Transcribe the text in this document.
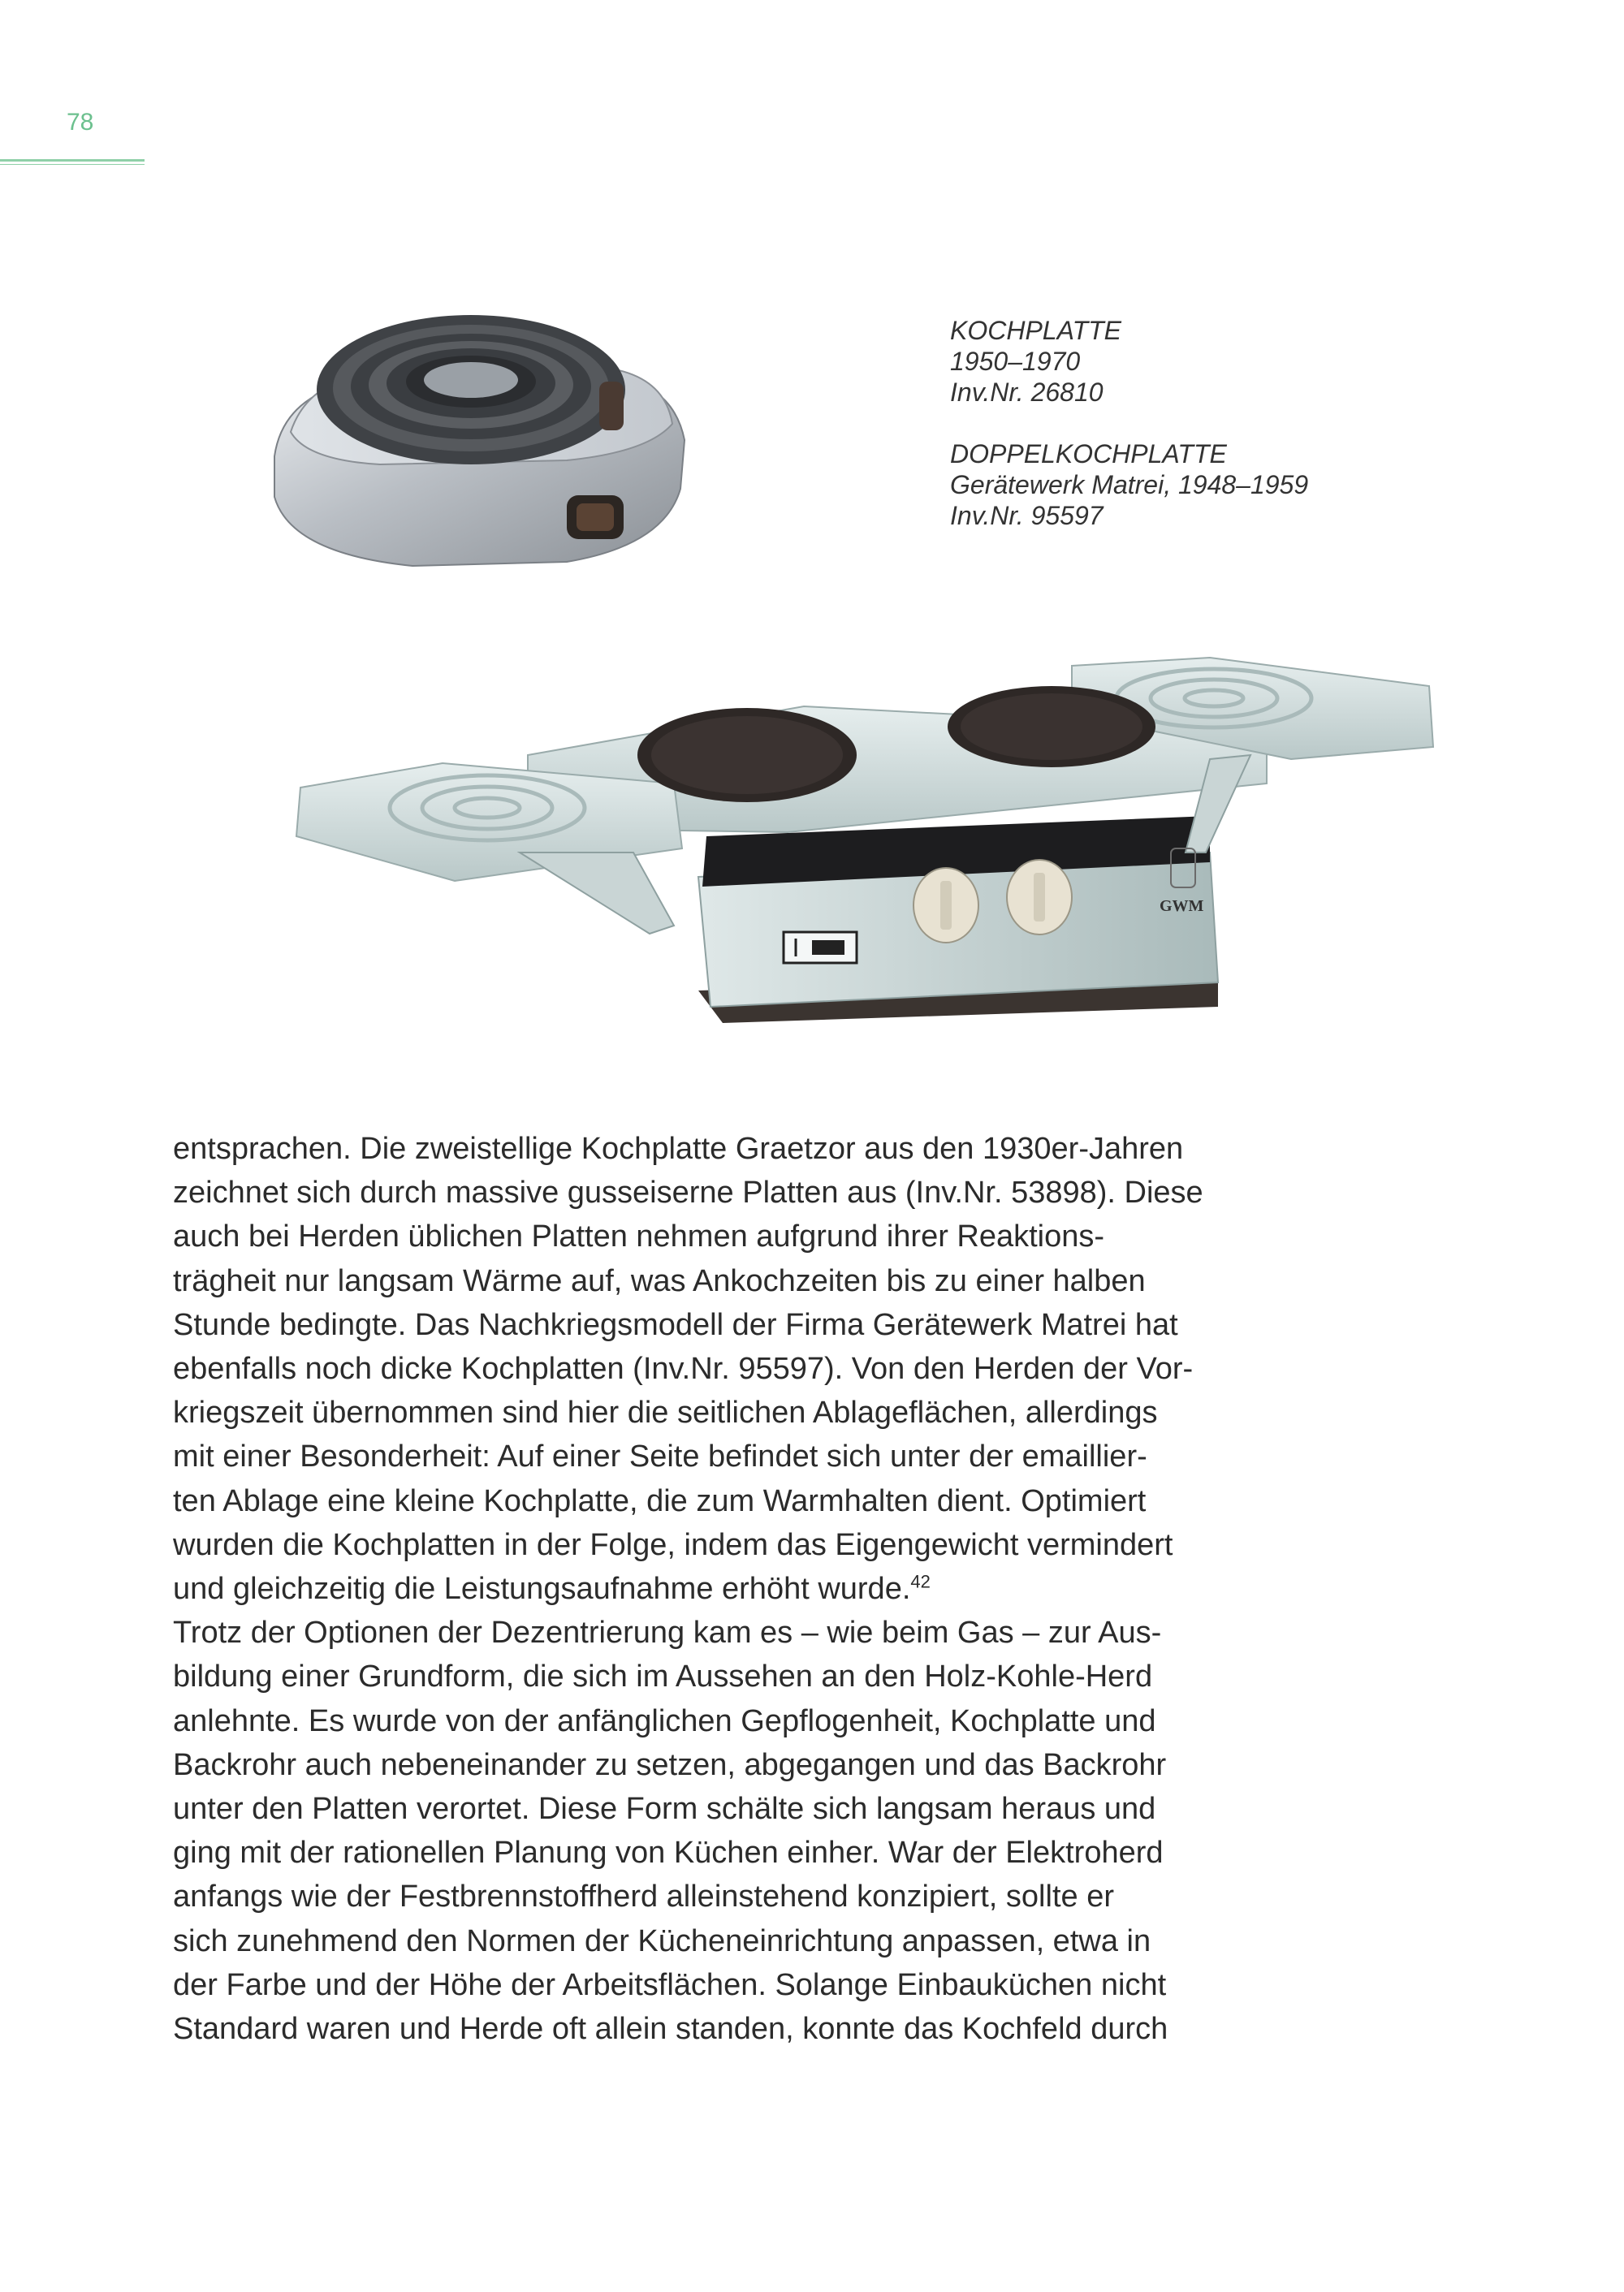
78
KOCHPLATTE
1950–1970
Inv.Nr. 26810
DOPPELKOCHPLATTE
Gerätewerk Matrei, 1948–1959
Inv.Nr. 95597
GWM

entsprachen. Die zweistellige Kochplatte Graetzor aus den 1930er-Jahren
zeichnet sich durch massive gusseiserne Platten aus (Inv.Nr. 53898). Diese
auch bei Herden üblichen Platten nehmen aufgrund ihrer Reaktions-
trägheit nur langsam Wärme auf, was Ankochzeiten bis zu einer halben
Stunde bedingte. Das Nachkriegsmodell der Firma Gerätewerk Matrei hat
ebenfalls noch dicke Kochplatten (Inv.Nr. 95597). Von den Herden der Vor-
kriegszeit übernommen sind hier die seitlichen Ablageflächen, allerdings
mit einer Besonderheit: Auf einer Seite befindet sich unter der emaillier-
ten Ablage eine kleine Kochplatte, die zum Warmhalten dient. Optimiert
wurden die Kochplatten in der Folge, indem das Eigengewicht vermindert
und gleichzeitig die Leistungsaufnahme erhöht wurde.$^{42}$

Trotz der Optionen der Dezentrierung kam es – wie beim Gas – zur Aus-
bildung einer Grundform, die sich im Aussehen an den Holz-Kohle-Herd
anlehnte. Es wurde von der anfänglichen Gepflogenheit, Kochplatte und
Backrohr auch nebeneinander zu setzen, abgegangen und das Backrohr
unter den Platten verortet. Diese Form schälte sich langsam heraus und
ging mit der rationellen Planung von Küchen einher. War der Elektroherd
anfangs wie der Festbrennstoffherd alleinstehend konzipiert, sollte er
sich zunehmend den Normen der Kücheneinrichtung anpassen, etwa in
der Farbe und der Höhe der Arbeitsflächen. Solange Einbauküchen nicht
Standard waren und Herde oft allein standen, konnte das Kochfeld durch
